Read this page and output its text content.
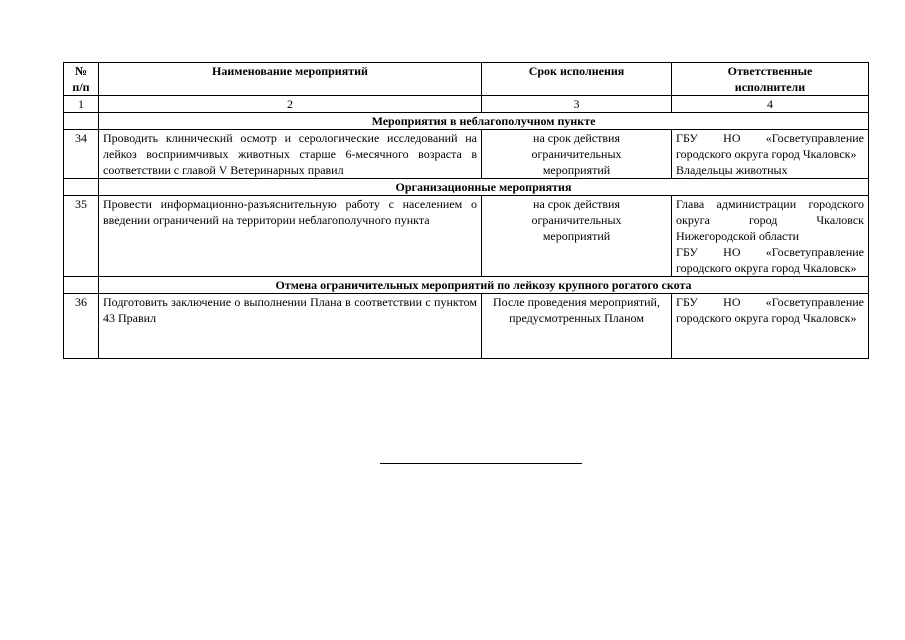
№
п/п	Наименование мероприятий	Срок исполнения	Ответственные исполнители
1	2	3	4
	Мероприятия в неблагополучном пункте		
34	Проводить клинический осмотр и серологические исследований на лейкоз восприимчивых животных старше 6-месячного возраста в соответствии с главой V Ветеринарных правил	на срок действия ограничительных мероприятий	ГБУ НО «Госветуправление городского округа город Чкаловск»
Владельцы животных

	Организационные мероприятия		
35	Провести информационно-разъяснительную работу с населением о введении ограничений на территории неблагополучного пункта	на срок действия ограничительных мероприятий	Глава администрации городского округа город Чкаловск Нижегородской области
ГБУ НО «Госветуправление городского округа город Чкаловск»

	Отмена ограничительных мероприятий по лейкозу крупного рогатого скота		
36	Подготовить заключение о выполнении Плана в соответствии с пунктом 43 Правил	После проведения мероприятий, предусмотренных Планом	ГБУ НО «Госветуправление городского округа город Чкаловск»
